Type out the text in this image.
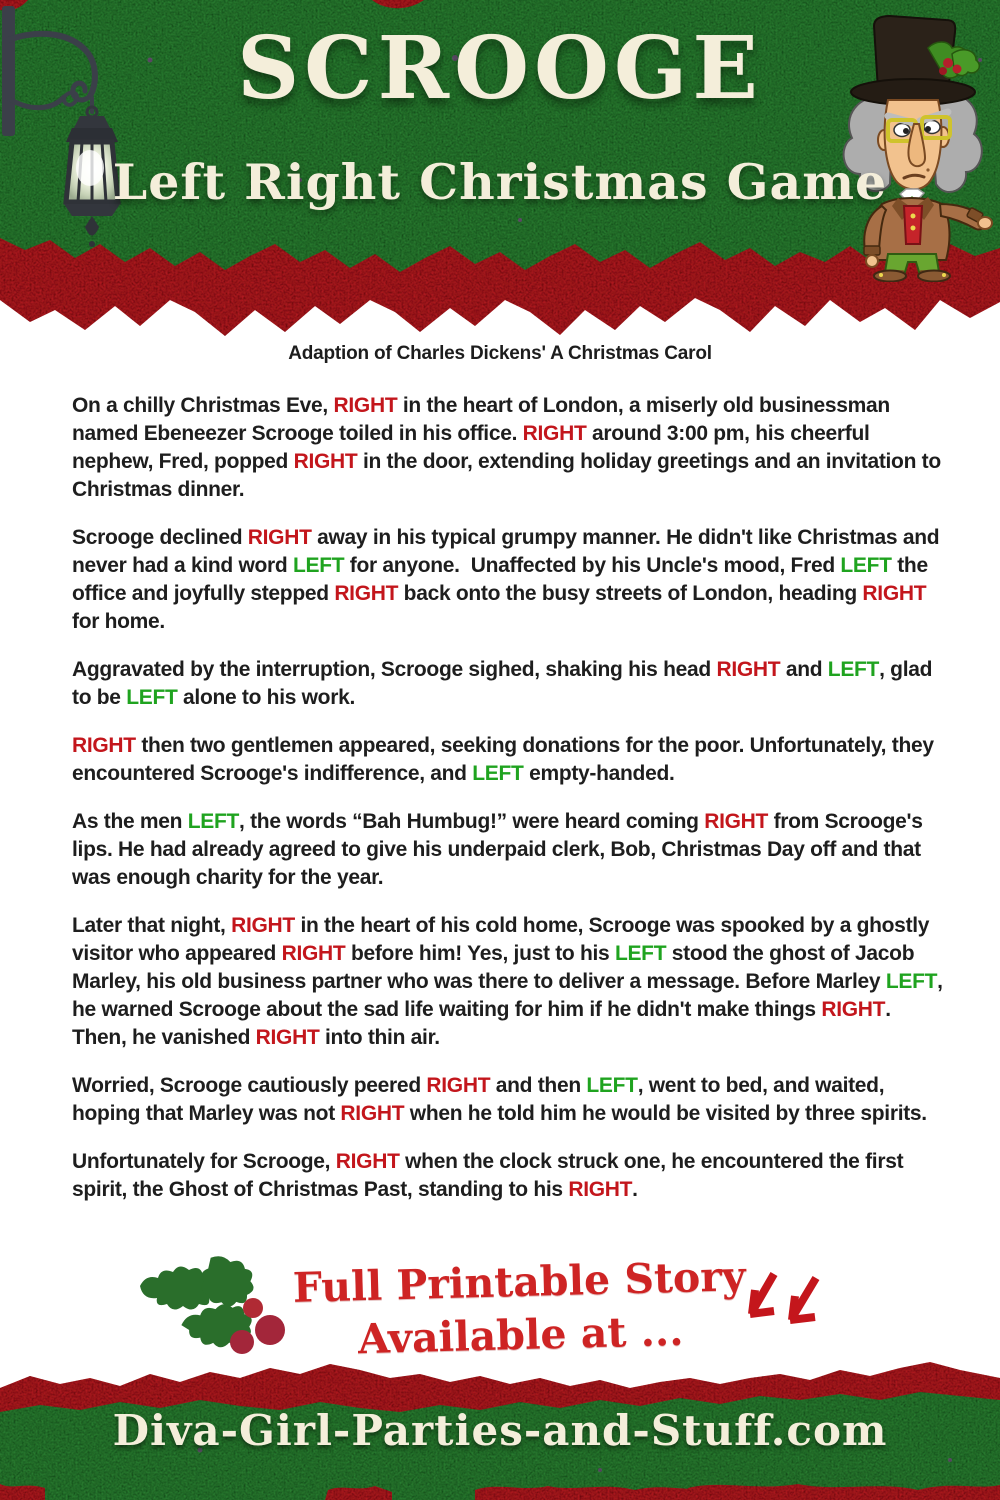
SCROOGE
Left Right Christmas Game
Adaption of Charles Dickens' A Christmas Carol

On a chilly Christmas Eve, RIGHT in the heart of London, a miserly old businessman named Ebeneezer Scrooge toiled in his office. RIGHT around 3:00 pm, his cheerful nephew, Fred, popped RIGHT in the door, extending holiday greetings and an invitation to Christmas dinner.

Scrooge declined RIGHT away in his typical grumpy manner. He didn't like Christmas and never had a kind word LEFT for anyone.  Unaffected by his Uncle's mood, Fred LEFT the office and joyfully stepped RIGHT back onto the busy streets of London, heading RIGHT for home.

Aggravated by the interruption, Scrooge sighed, shaking his head RIGHT and LEFT, glad to be LEFT alone to his work.

RIGHT then two gentlemen appeared, seeking donations for the poor. Unfortunately, they encountered Scrooge's indifference, and LEFT empty-handed.

As the men LEFT, the words “Bah Humbug!” were heard coming RIGHT from Scrooge's lips. He had already agreed to give his underpaid clerk, Bob, Christmas Day off and that was enough charity for the year.

Later that night, RIGHT in the heart of his cold home, Scrooge was spooked by a ghostly visitor who appeared RIGHT before him! Yes, just to his LEFT stood the ghost of Jacob Marley, his old business partner who was there to deliver a message. Before Marley LEFT, he warned Scrooge about the sad life waiting for him if he didn't make things RIGHT. Then, he vanished RIGHT into thin air.

Worried, Scrooge cautiously peered RIGHT and then LEFT, went to bed, and waited, hoping that Marley was not RIGHT when he told him he would be visited by three spirits.

Unfortunately for Scrooge, RIGHT when the clock struck one, he encountered the first spirit, the Ghost of Christmas Past, standing to his RIGHT.

Full Printable Story
Available at ...
Diva-Girl-Parties-and-Stuff.com
